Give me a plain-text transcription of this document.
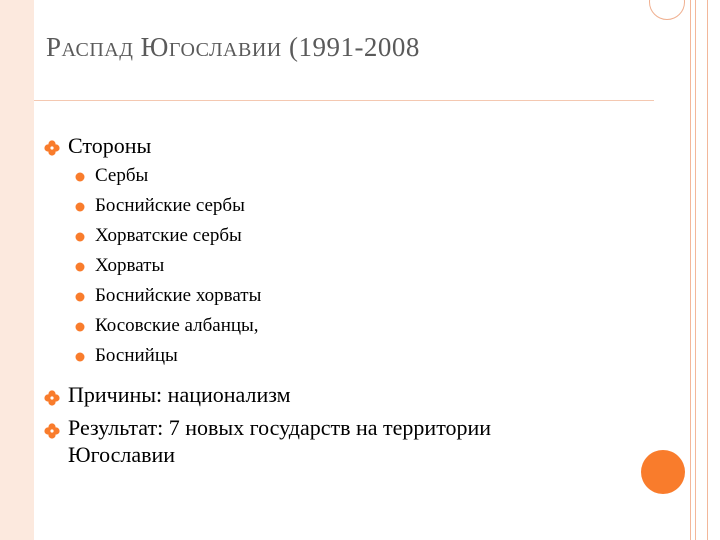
РАСПАД ЮГОСЛАВИИ (1991-2008
Стороны
Сербы
Боснийские сербы
Хорватские сербы
Хорваты
Боснийские хорваты
Косовские албанцы,
Боснийцы
Причины: национализм
Результат: 7 новых государств на территории
Югославии
